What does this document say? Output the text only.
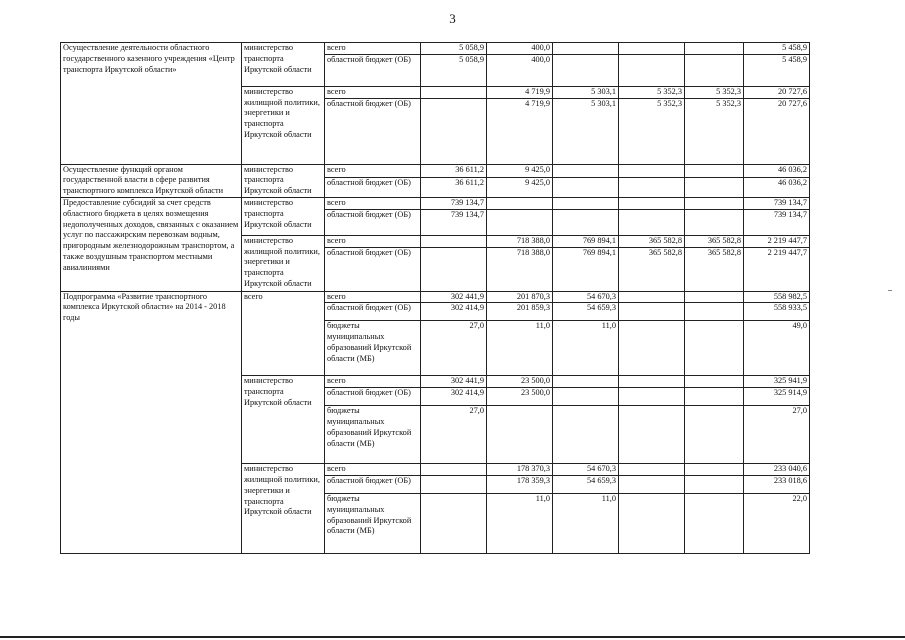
3
Осуществление деятельности областного государственного казенного учреждения «Центр транспорта Иркутской области»	министерство транспорта Иркутской области	всего	5 058,9	400,0				5 458,9
		областной бюджет (ОБ)	5 058,9	400,0				5 458,9
	министерство жилищной политики, энергетики и транспорта Иркутской области	всего		4 719,9	5 303,1	5 352,3	5 352,3	20 727,6
		областной бюджет (ОБ)		4 719,9	5 303,1	5 352,3	5 352,3	20 727,6
Осуществление функций органом государственной власти в сфере развития транспортного комплекса Иркутской области	министерство транспорта Иркутской области	всего	36 611,2	9 425,0				46 036,2
		областной бюджет (ОБ)	36 611,2	9 425,0				46 036,2
Предоставление субсидий за счет средств областного бюджета в целях возмещения недополученных доходов, связанных с оказанием услуг по пассажирским перевозкам водным, пригородным железнодорожным транспортом, а также воздушным транспортом местными авиалиниями	министерство транспорта Иркутской области	всего	739 134,7					739 134,7
		областной бюджет (ОБ)	739 134,7					739 134,7
	министерство жилищной политики, энергетики и транспорта Иркутской области	всего		718 388,0	769 894,1	365 582,8	365 582,8	2 219 447,7
		областной бюджет (ОБ)		718 388,0	769 894,1	365 582,8	365 582,8	2 219 447,7
Подпрограмма «Развитие транспортного комплекса Иркутской области» на 2014 - 2018 годы	всего	всего	302 441,9	201 870,3	54 670,3			558 982,5
		областной бюджет (ОБ)	302 414,9	201 859,3	54 659,3			558 933,5
		бюджеты муниципальных образований Иркутской области (МБ)	27,0	11,0	11,0			49,0
	министерство транспорта Иркутской области	всего	302 441,9	23 500,0				325 941,9
		областной бюджет (ОБ)	302 414,9	23 500,0				325 914,9
		бюджеты муниципальных образований Иркутской области (МБ)	27,0					27,0
	министерство жилищной политики, энергетики и транспорта Иркутской области	всего		178 370,3	54 670,3			233 040,6
		областной бюджет (ОБ)		178 359,3	54 659,3			233 018,6
		бюджеты муниципальных образований Иркутской области (МБ)		11,0	11,0			22,0
